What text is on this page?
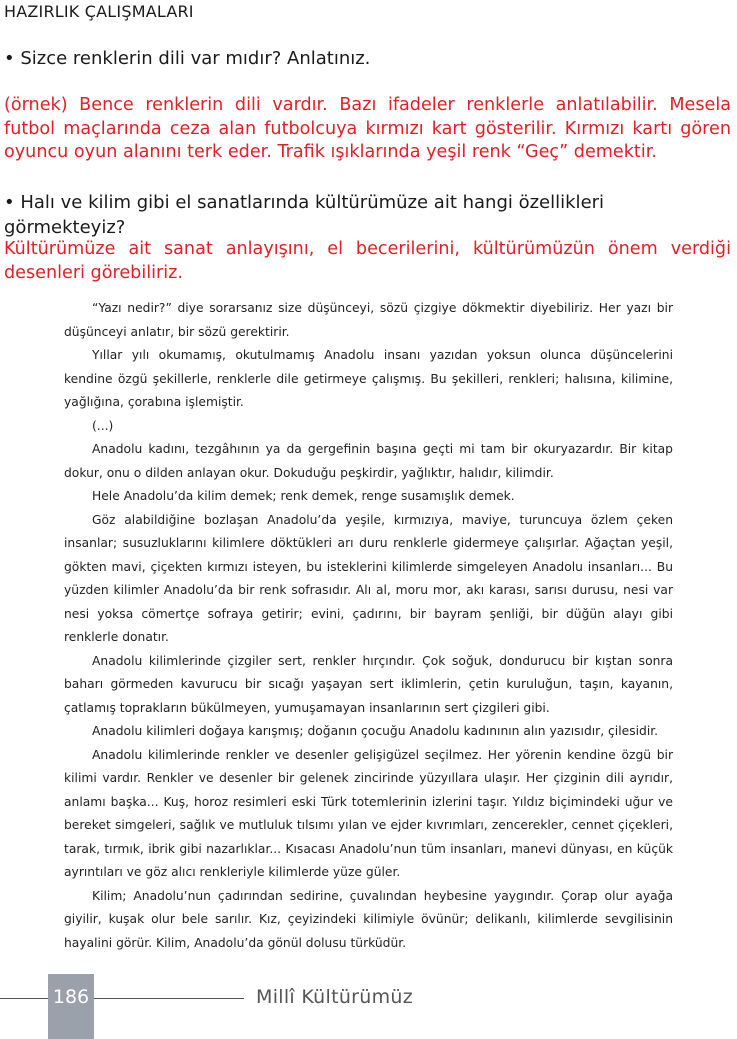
HAZIRLIK ÇALIŞMALARI
• Sizce renklerin dili var mıdır? Anlatınız.
(örnek) Bence renklerin dili vardır. Bazı ifadeler renklerle anlatılabilir. Mesela futbol maçlarında ceza alan futbolcuya kırmızı kart gösterilir. Kırmızı kartı gören oyuncu oyun alanını terk eder. Trafik ışıklarında yeşil renk “Geç” demektir.
• Halı ve kilim gibi el sanatlarında kültürümüze ait hangi özellikleri görmekteyiz?
Kültürümüze ait sanat anlayışını, el becerilerini, kültürümüzün önem verdiği desenleri görebiliriz.

“Yazı nedir?” diye sorarsanız size düşünceyi, sözü çizgiye dökmektir diyebiliriz. Her yazı bir düşünceyi anlatır, bir sözü gerektirir.

Yıllar yılı okumamış, okutulmamış Anadolu insanı yazıdan yoksun olunca düşüncelerini kendine özgü şekillerle, renklerle dile getirmeye çalışmış. Bu şekilleri, renkleri; halısına, kilimine, yağlığına, çorabına işlemiştir.

(...)

Anadolu kadını, tezgâhının ya da gergefinin başına geçti mi tam bir okuryazardır. Bir kitap dokur, onu o dilden anlayan okur. Dokuduğu peşkirdir, yağlıktır, halıdır, kilimdir.

Hele Anadolu’da kilim demek; renk demek, renge susamışlık demek.

Göz alabildiğine bozlaşan Anadolu’da yeşile, kırmızıya, maviye, turuncuya özlem çeken insanlar; susuzluklarını kilimlere döktükleri arı duru renklerle gidermeye çalışırlar. Ağaçtan yeşil, gökten mavi, çiçekten kırmızı isteyen, bu isteklerini kilimlerde simgeleyen Anadolu insanları... Bu yüzden kilimler Anadolu’da bir renk sofrasıdır. Alı al, moru mor, akı karası, sarısı durusu, nesi var nesi yoksa cömertçe sofraya getirir; evini, çadırını, bir bayram şenliği, bir düğün alayı gibi renklerle donatır.

Anadolu kilimlerinde çizgiler sert, renkler hırçındır. Çok soğuk, dondurucu bir kıştan sonra baharı görmeden kavurucu bir sıcağı yaşayan sert iklimlerin, çetin kuruluğun, taşın, kayanın, çatlamış toprakların bükülmeyen, yumuşamayan insanlarının sert çizgileri gibi.

Anadolu kilimleri doğaya karışmış; doğanın çocuğu Anadolu kadınının alın yazısıdır, çilesidir.

Anadolu kilimlerinde renkler ve desenler gelişigüzel seçilmez. Her yörenin kendine özgü bir kilimi vardır. Renkler ve desenler bir gelenek zincirinde yüzyıllara ulaşır. Her çizginin dili ayrıdır, anlamı başka... Kuş, horoz resimleri eski Türk totemlerinin izlerini taşır. Yıldız biçimindeki uğur ve bereket simgeleri, sağlık ve mutluluk tılsımı yılan ve ejder kıvrımları, zencerekler, cennet çiçekleri, tarak, tırmık, ibrik gibi nazarlıklar... Kısacası Anadolu’nun tüm insanları, manevi dünyası, en küçük ayrıntıları ve göz alıcı renkleriyle kilimlerde yüze güler.

Kilim; Anadolu’nun çadırından sedirine, çuvalından heybesine yaygındır. Çorap olur ayağa giyilir, kuşak olur bele sarılır. Kız, çeyizindeki kilimiyle övünür; delikanlı, kilimlerde sevgilisinin hayalini görür. Kilim, Anadolu’da gönül dolusu türküdür.

186	Millî Kültürümüz
